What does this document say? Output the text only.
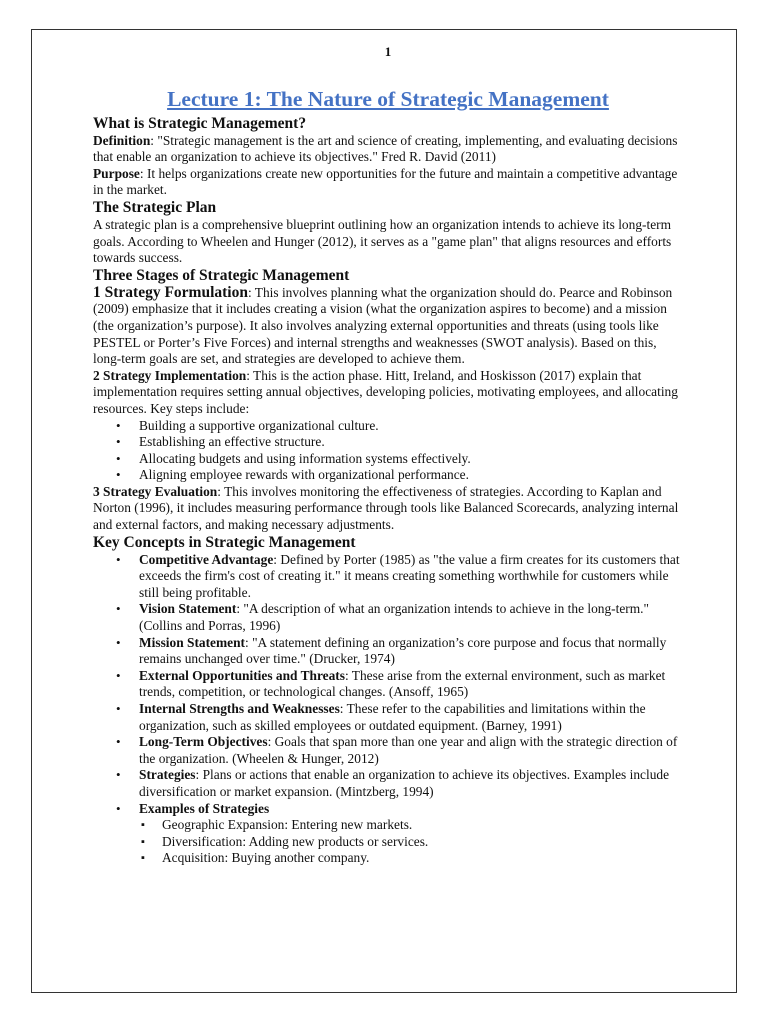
1

Lecture 1: The Nature of Strategic Management
What is Strategic Management?

Definition: "Strategic management is the art and science of creating, implementing, and evaluating decisions that enable an organization to achieve its objectives." Fred R. David (2011)

Purpose: It helps organizations create new opportunities for the future and maintain a competitive advantage in the market.

The Strategic Plan

A strategic plan is a comprehensive blueprint outlining how an organization intends to achieve its long-term goals. According to Wheelen and Hunger (2012), it serves as a "game plan" that aligns resources and efforts towards success.

Three Stages of Strategic Management

1 Strategy Formulation: This involves planning what the organization should do. Pearce and Robinson (2009) emphasize that it includes creating a vision (what the organization aspires to become) and a mission (the organization’s purpose). It also involves analyzing external opportunities and threats (using tools like PESTEL or Porter’s Five Forces) and internal strengths and weaknesses (SWOT analysis). Based on this, long-term goals are set, and strategies are developed to achieve them.

2 Strategy Implementation: This is the action phase. Hitt, Ireland, and Hoskisson (2017) explain that implementation requires setting annual objectives, developing policies, motivating employees, and allocating resources. Key steps include:

• Building a supportive organizational culture.
• Establishing an effective structure.
• Allocating budgets and using information systems effectively.
• Aligning employee rewards with organizational performance.

3 Strategy Evaluation: This involves monitoring the effectiveness of strategies. According to Kaplan and Norton (1996), it includes measuring performance through tools like Balanced Scorecards, analyzing internal and external factors, and making necessary adjustments.

Key Concepts in Strategic Management
• Competitive Advantage: Defined by Porter (1985) as "the value a firm creates for its customers that exceeds the firm's cost of creating it." it means creating something worthwhile for customers while still being profitable.
• Vision Statement: "A description of what an organization intends to achieve in the long-term." (Collins and Porras, 1996)
• Mission Statement: "A statement defining an organization’s core purpose and focus that normally remains unchanged over time." (Drucker, 1974)
• External Opportunities and Threats: These arise from the external environment, such as market trends, competition, or technological changes. (Ansoff, 1965)
• Internal Strengths and Weaknesses: These refer to the capabilities and limitations within the organization, such as skilled employees or outdated equipment. (Barney, 1991)
• Long-Term Objectives: Goals that span more than one year and align with the strategic direction of the organization. (Wheelen & Hunger, 2012)
• Strategies: Plans or actions that enable an organization to achieve its objectives. Examples include diversification or market expansion. (Mintzberg, 1994)
• Examples of Strategies
▪ Geographic Expansion: Entering new markets.
▪ Diversification: Adding new products or services.
▪ Acquisition: Buying another company.
